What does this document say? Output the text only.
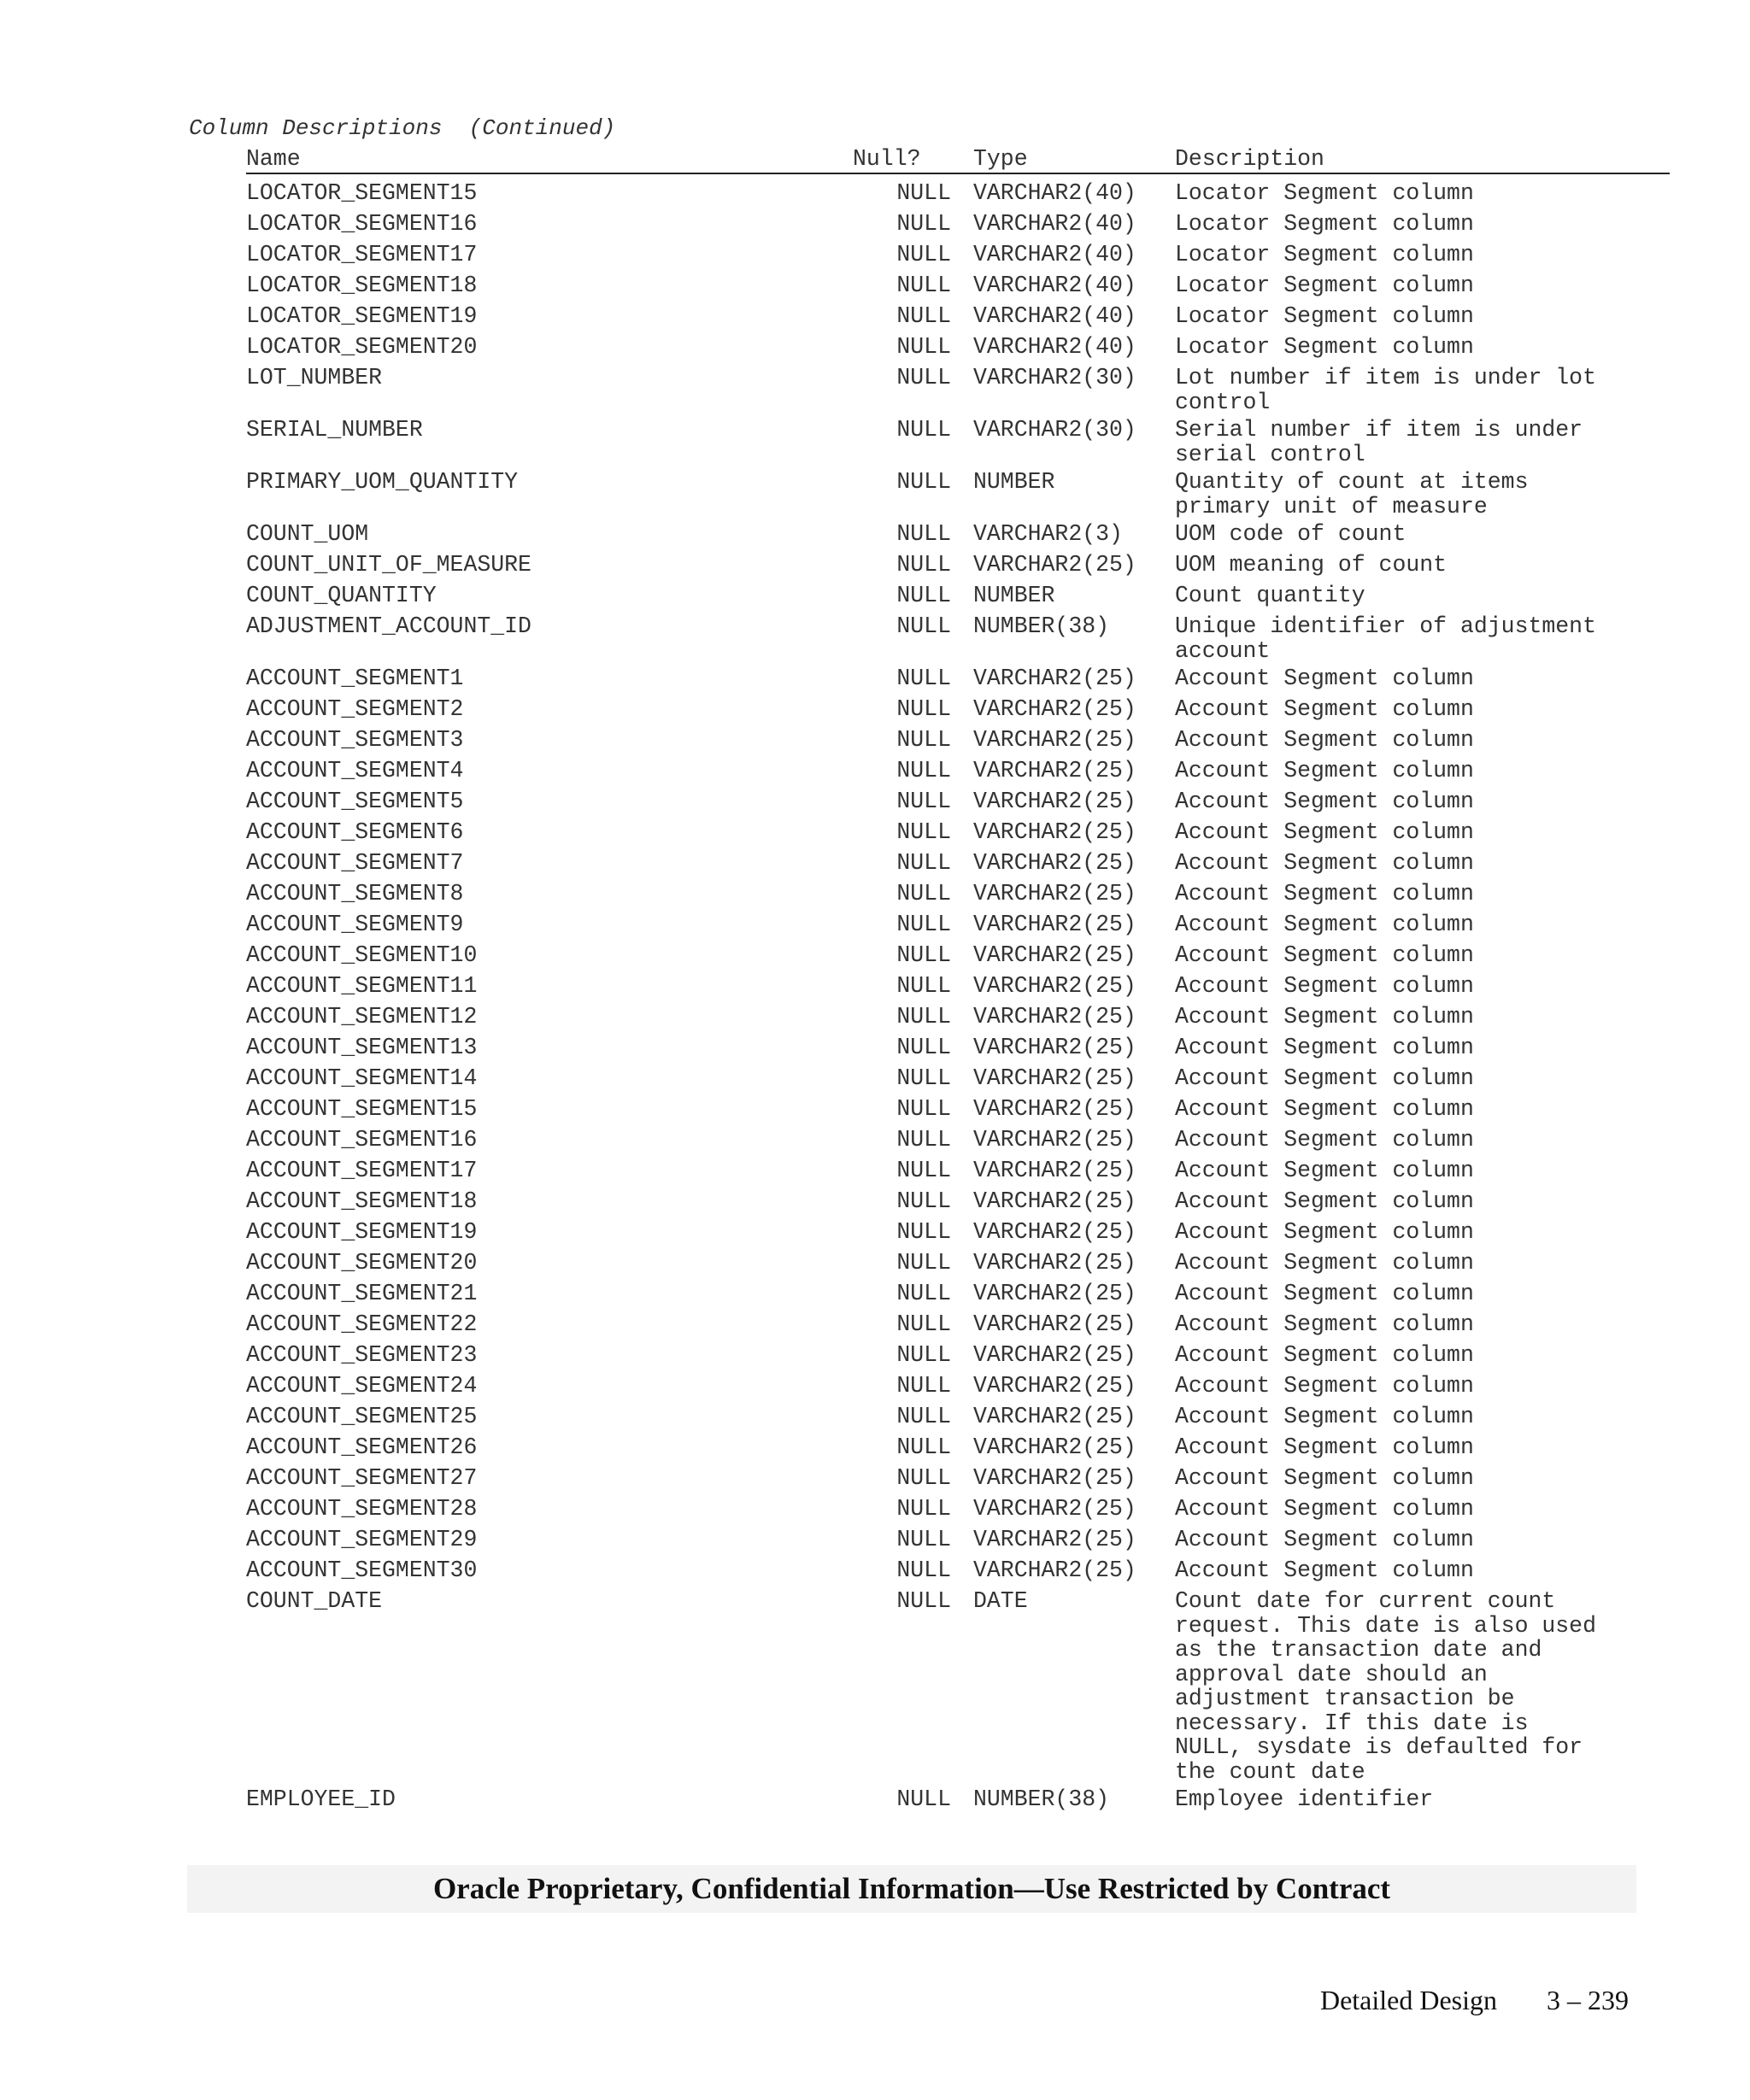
Column Descriptions  (Continued)
Name	Null?	Type	Description
LOCATOR_SEGMENT15	NULL VARCHAR2(40)	Locator Segment column
LOCATOR_SEGMENT16	NULL VARCHAR2(40)	Locator Segment column
LOCATOR_SEGMENT17	NULL VARCHAR2(40)	Locator Segment column
LOCATOR_SEGMENT18	NULL VARCHAR2(40)	Locator Segment column
LOCATOR_SEGMENT19	NULL VARCHAR2(40)	Locator Segment column
LOCATOR_SEGMENT20	NULL VARCHAR2(40)	Locator Segment column
LOT_NUMBER	NULL VARCHAR2(30)	Lot number if item is under lot
control
SERIAL_NUMBER	NULL VARCHAR2(30)	Serial number if item is under
serial control
PRIMARY_UOM_QUANTITY	NULL NUMBER	Quantity of count at items
primary unit of measure
COUNT_UOM	NULL VARCHAR2(3)	UOM code of count
COUNT_UNIT_OF_MEASURE	NULL VARCHAR2(25)	UOM meaning of count
COUNT_QUANTITY	NULL NUMBER	Count quantity
ADJUSTMENT_ACCOUNT_ID	NULL NUMBER(38)	Unique identifier of adjustment
account
ACCOUNT_SEGMENT1	NULL VARCHAR2(25)	Account Segment column
ACCOUNT_SEGMENT2	NULL VARCHAR2(25)	Account Segment column
ACCOUNT_SEGMENT3	NULL VARCHAR2(25)	Account Segment column
ACCOUNT_SEGMENT4	NULL VARCHAR2(25)	Account Segment column
ACCOUNT_SEGMENT5	NULL VARCHAR2(25)	Account Segment column
ACCOUNT_SEGMENT6	NULL VARCHAR2(25)	Account Segment column
ACCOUNT_SEGMENT7	NULL VARCHAR2(25)	Account Segment column
ACCOUNT_SEGMENT8	NULL VARCHAR2(25)	Account Segment column
ACCOUNT_SEGMENT9	NULL VARCHAR2(25)	Account Segment column
ACCOUNT_SEGMENT10	NULL VARCHAR2(25)	Account Segment column
ACCOUNT_SEGMENT11	NULL VARCHAR2(25)	Account Segment column
ACCOUNT_SEGMENT12	NULL VARCHAR2(25)	Account Segment column
ACCOUNT_SEGMENT13	NULL VARCHAR2(25)	Account Segment column
ACCOUNT_SEGMENT14	NULL VARCHAR2(25)	Account Segment column
ACCOUNT_SEGMENT15	NULL VARCHAR2(25)	Account Segment column
ACCOUNT_SEGMENT16	NULL VARCHAR2(25)	Account Segment column
ACCOUNT_SEGMENT17	NULL VARCHAR2(25)	Account Segment column
ACCOUNT_SEGMENT18	NULL VARCHAR2(25)	Account Segment column
ACCOUNT_SEGMENT19	NULL VARCHAR2(25)	Account Segment column
ACCOUNT_SEGMENT20	NULL VARCHAR2(25)	Account Segment column
ACCOUNT_SEGMENT21	NULL VARCHAR2(25)	Account Segment column
ACCOUNT_SEGMENT22	NULL VARCHAR2(25)	Account Segment column
ACCOUNT_SEGMENT23	NULL VARCHAR2(25)	Account Segment column
ACCOUNT_SEGMENT24	NULL VARCHAR2(25)	Account Segment column
ACCOUNT_SEGMENT25	NULL VARCHAR2(25)	Account Segment column
ACCOUNT_SEGMENT26	NULL VARCHAR2(25)	Account Segment column
ACCOUNT_SEGMENT27	NULL VARCHAR2(25)	Account Segment column
ACCOUNT_SEGMENT28	NULL VARCHAR2(25)	Account Segment column
ACCOUNT_SEGMENT29	NULL VARCHAR2(25)	Account Segment column
ACCOUNT_SEGMENT30	NULL VARCHAR2(25)	Account Segment column
COUNT_DATE	NULL DATE	Count date for current count
request. This date is also used
as the transaction date and
approval date should an
adjustment transaction be
necessary. If this date is
NULL, sysdate is defaulted for
the count date
EMPLOYEE_ID	NULL NUMBER(38)	Employee identifier
Oracle Proprietary, Confidential Information––Use Restricted by Contract

Detailed Design 3 – 239
